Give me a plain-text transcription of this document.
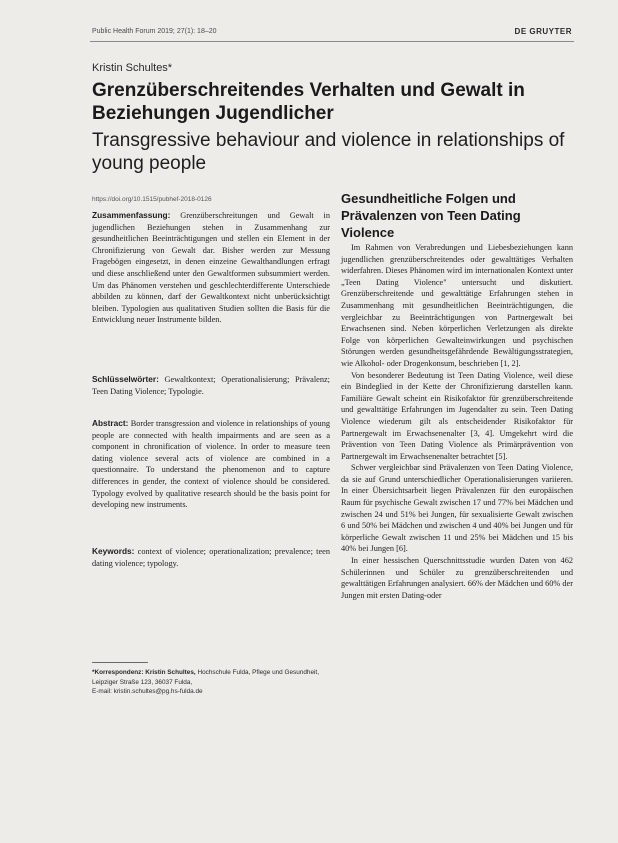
Public Health Forum 2019; 27(1): 18–20	DE GRUYTER
Kristin Schultes*
Grenzüberschreitendes Verhalten und Gewalt in Beziehungen Jugendlicher
Transgressive behaviour and violence in relationships of young people
https://doi.org/10.1515/pubhef-2018-0126

Zusammenfassung: Grenzüberschreitungen und Gewalt in jugendlichen Beziehungen stehen in Zusammenhang zur gesundheitlichen Beeinträchtigungen und stellen ein Element in der Chronifizierung von Gewalt dar. Bisher werden zur Messung Fragebögen eingesetzt, in denen einzeine Gewalthandlungen erfragt und diese anschließend unter den Gewaltformen subsummiert werden. Um das Phänomen verstehen und geschlechterdifferente Unterschiede abbilden zu können, darf der Gewaltkontext nicht unberücksichtigt bleiben. Typologien aus qualitativen Studien sollten die Basis für die Entwicklung neuer Instrumente bilden.

Schlüsselwörter: Gewaltkontext; Operationalisierung; Prävalenz; Teen Dating Violence; Typologie.

Abstract: Border transgression and violence in relationships of young people are connected with health impairments and are seen as a component in chronification of violence. In order to measure teen dating violence several acts of violence are combined in a questionnaire. To understand the phenomenon and to capture differences in gender, the context of violence should be considered. Typology evolved by qualitative research should be the basis point for developing new instruments.

Keywords: context of violence; operationalization; prevalence; teen dating violence; typology.

*Korrespondenz: Kristin Schultes, Hochschule Fulda, Pflege und Gesundheit, Leipziger Straße 123, 36037 Fulda,

E-mail: kristin.schultes@pg.hs-fulda.de

Gesundheitliche Folgen und Prävalenzen von Teen Dating Violence

Im Rahmen von Verabredungen und Liebesbeziehungen kann jugendlichen grenzüberschreitendes oder gewalttätiges Verhalten widerfahren. Dieses Phänomen wird im internationalen Kontext unter „Teen Dating Violence" untersucht und diskutiert. Grenzüberschreitende und gewalttätige Erfahrungen stehen in Zusammenhang mit gesundheitlichen Beeinträchtigungen, die vergleichbar zu Beeinträchtigungen von Partnergewalt bei Erwachsenen sind. Neben körperlichen Verletzungen als direkte Folge von körperlichen Gewalteinwirkungen und psychischen Störungen werden gesundheitsgefährdende Bewältigungsstrategien, wie Alkohol- oder Drogenkonsum, beschrieben [1, 2].

Von besonderer Bedeutung ist Teen Dating Violence, weil diese ein Bindeglied in der Kette der Chronifizierung darstellen kann. Familiäre Gewalt scheint ein Risikofaktor für grenzüberschreitende und gewalttätige Erfahrungen im Jugendalter zu sein. Teen Dating Violence wiederum gilt als entscheidender Risikofaktor für Partnergewalt im Erwachsenenalter [3, 4]. Umgekehrt wird die Prävention von Teen Dating Violence als Primärprävention von Partnergewalt im Erwachsenenalter betrachtet [5].

Schwer vergleichbar sind Prävalenzen von Teen Dating Violence, da sie auf Grund unterschiedlicher Operationalisierungen variieren. In einer Übersichtsarbeit liegen Prävalenzen für den europäischen Raum für psychische Gewalt zwischen 17 und 77% bei Mädchen und zwischen 24 und 51% bei Jungen, für sexualisierte Gewalt zwischen 6 und 50% bei Mädchen und zwischen 4 und 40% bei Jungen und für körperliche Gewalt zwischen 11 und 25% bei Mädchen und 15 bis 40% bei Jungen [6].

In einer hessischen Querschnittsstudie wurden Daten von 462 Schülerinnen und Schüler zu grenzüberschreitenden und gewalttätigen Erfahrungen analysiert. 66% der Mädchen und 60% der Jungen mit ersten Dating-oder
